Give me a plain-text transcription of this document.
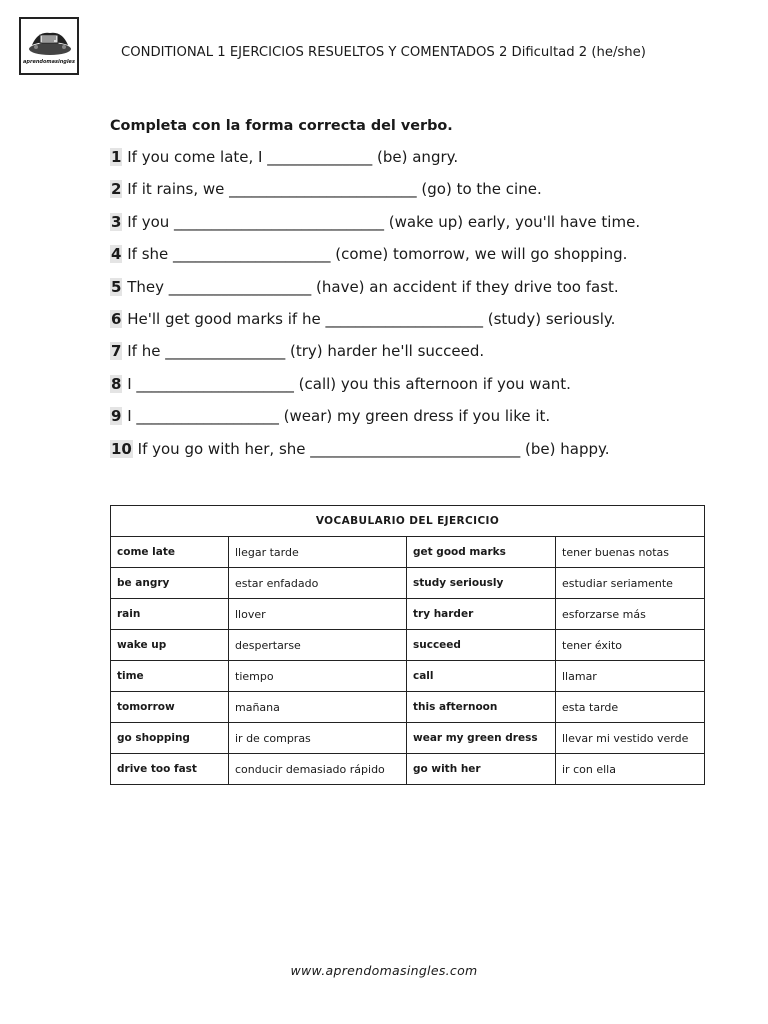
aprendomasingles
CONDITIONAL 1 EJERCICIOS RESUELTOS Y COMENTADOS 2 Dificultad 2 (he/she)
Completa con la forma correcta del verbo.
1 If you come late, I ______________ (be) angry.
2 If it rains, we _________________________ (go) to the cine.
3 If you ____________________________ (wake up) early, you'll have time.
4 If she _____________________ (come) tomorrow, we will go shopping.
5 They ___________________ (have) an accident if they drive too fast.
6 He'll get good marks if he _____________________ (study) seriously.
7 If he ________________ (try) harder he'll succeed.
8 I _____________________ (call) you this afternoon if you want.
9 I ___________________ (wear) my green dress if you like it.
10 If you go with her, she ____________________________ (be) happy.
VOCABULARIO DEL EJERCICIO			
come late	llegar tarde	get good marks	tener buenas notas
be angry	estar enfadado	study seriously	estudiar seriamente
rain	llover	try harder	esforzarse más
wake up	despertarse	succeed	tener éxito
time	tiempo	call	llamar
tomorrow	mañana	this afternoon	esta tarde
go shopping	ir de compras	wear my green dress	llevar mi vestido verde
drive too fast	conducir demasiado rápido	go with her	ir con ella
www.aprendomasingles.com
